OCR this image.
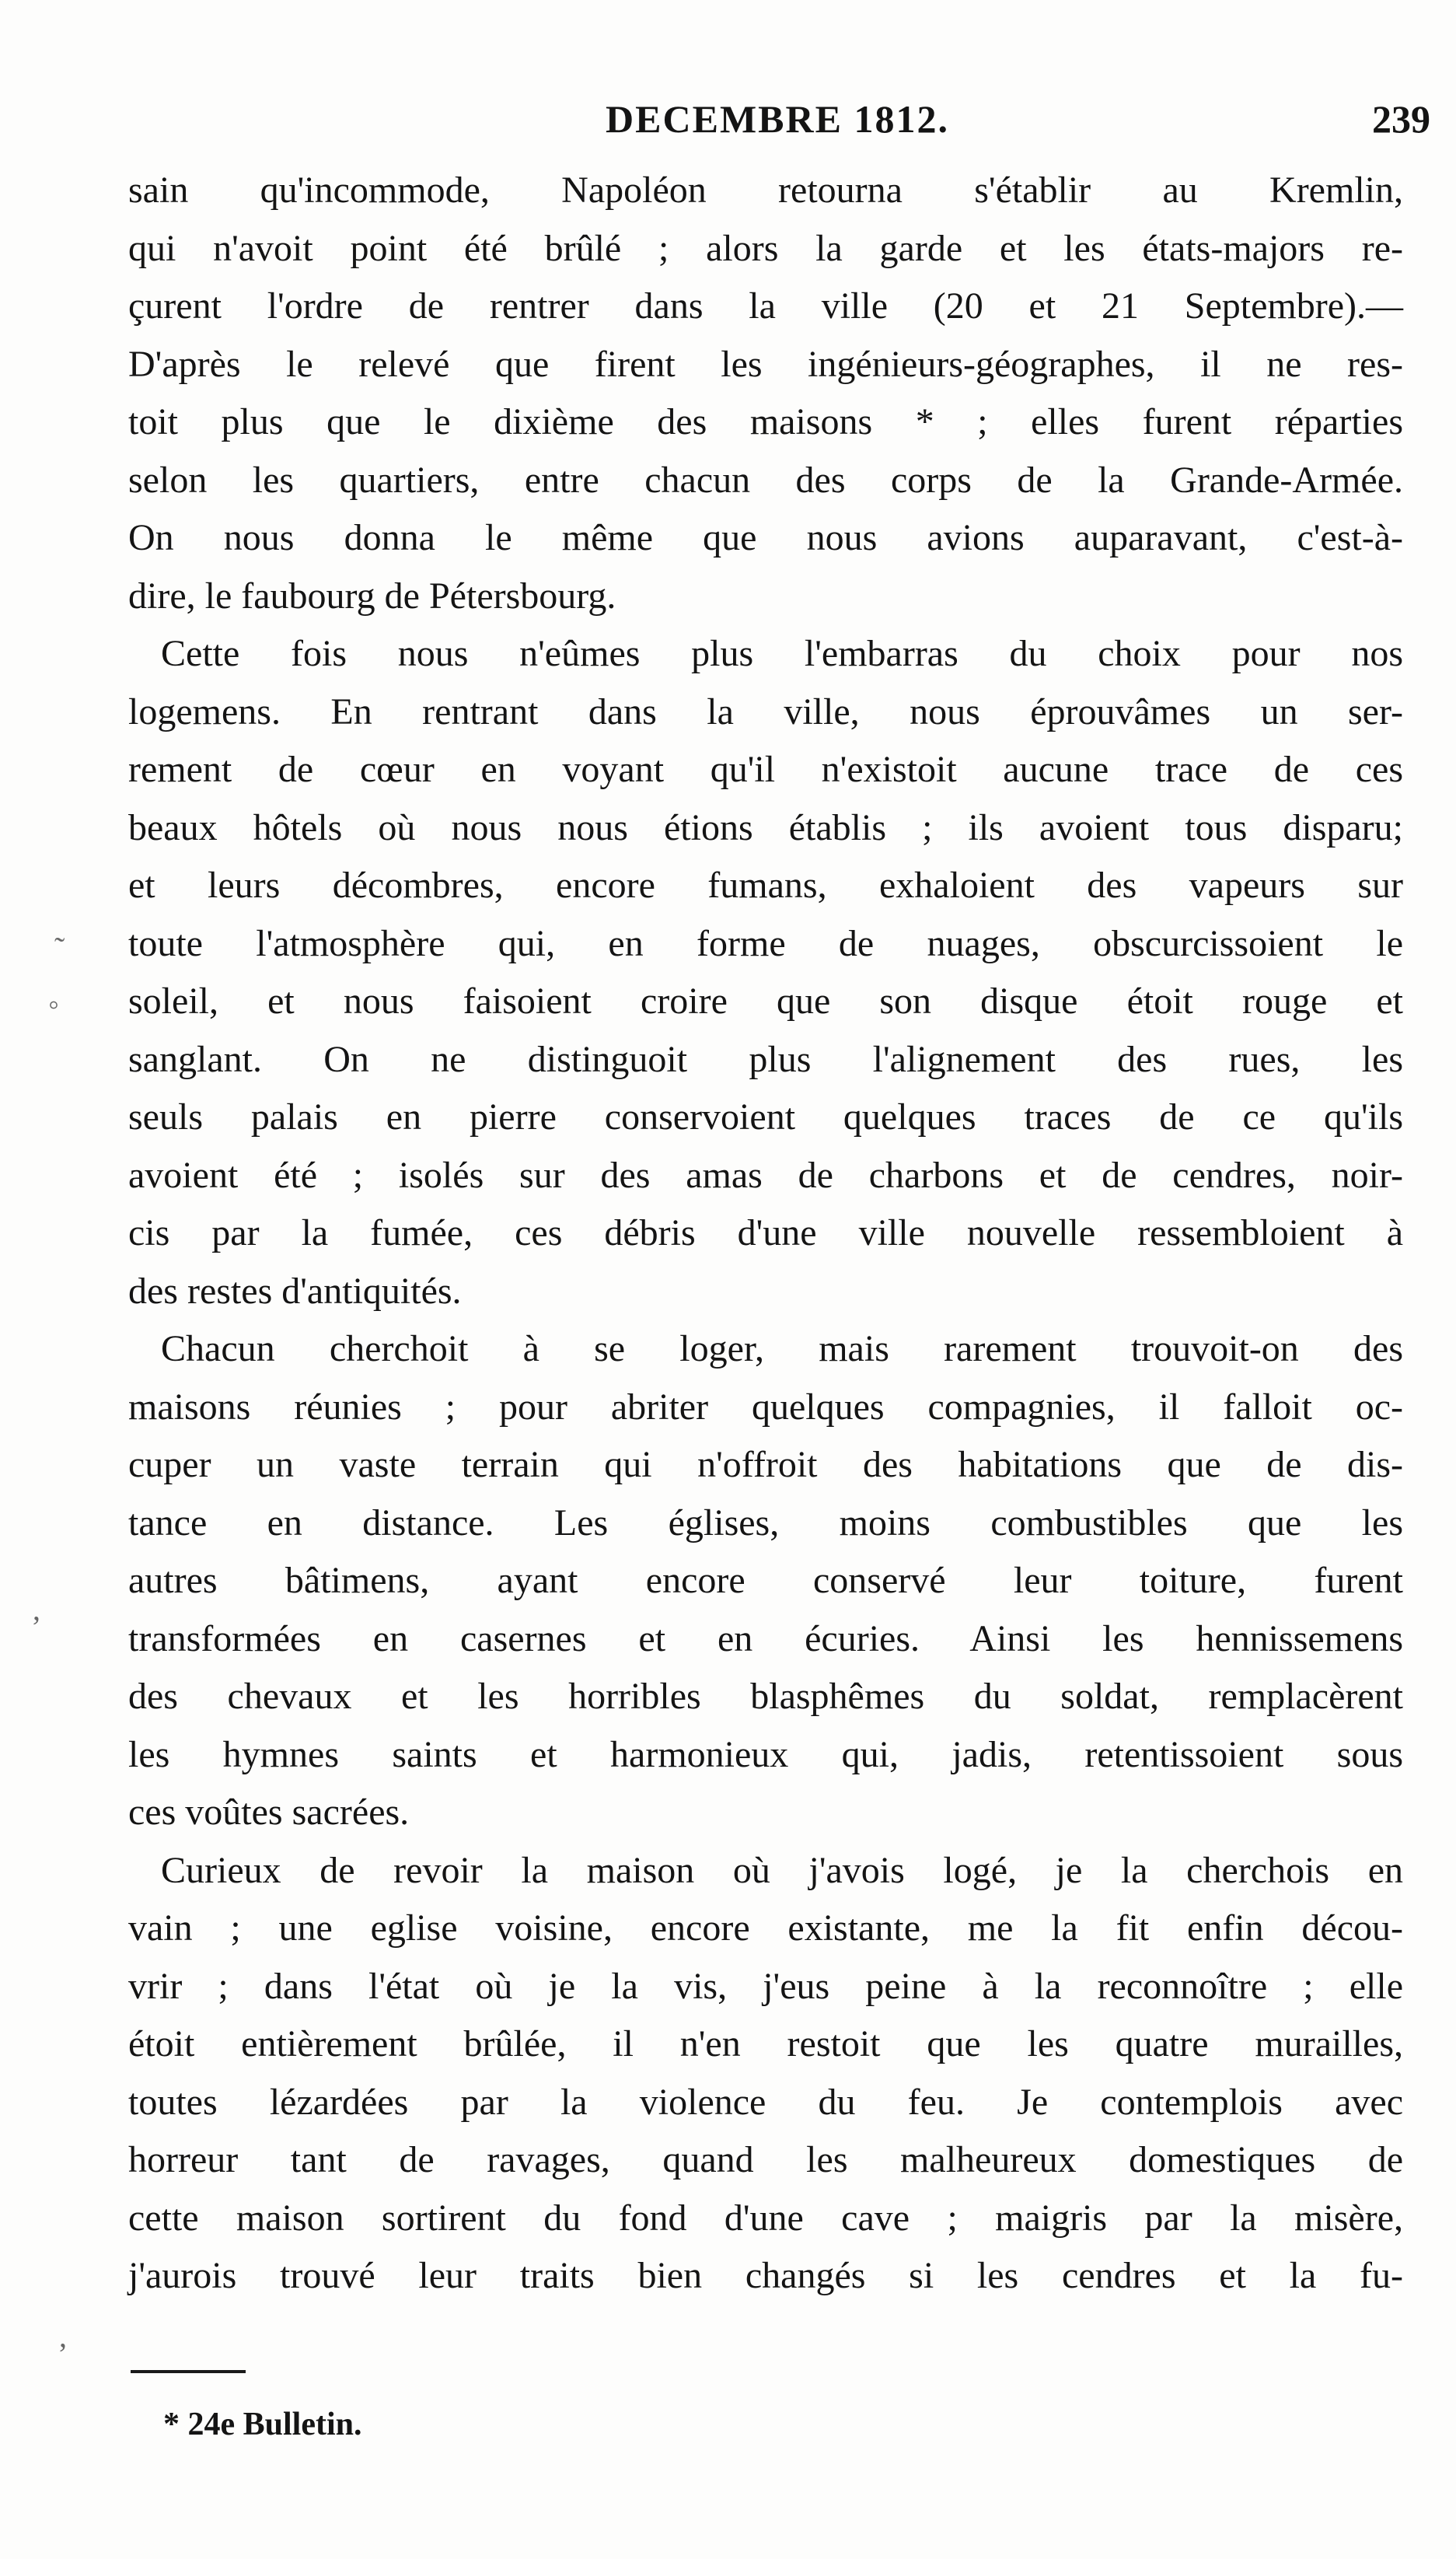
DECEMBRE 1812.	239
sain qu'incommode, Napoléon retourna s'établir au Kremlin,
qui n'avoit point été brûlé ; alors la garde et les états-majors re-
çurent l'ordre de rentrer dans la ville (20 et 21 Septembre).—
D'après le relevé que firent les ingénieurs-géographes, il ne res-
toit plus que le dixième des maisons * ; elles furent réparties
selon les quartiers, entre chacun des corps de la Grande-Armée.
On nous donna le même que nous avions auparavant, c'est-à-
dire, le faubourg de Pétersbourg.
Cette fois nous n'eûmes plus l'embarras du choix pour nos
logemens. En rentrant dans la ville, nous éprouvâmes un ser-
rement de cœur en voyant qu'il n'existoit aucune trace de ces
beaux hôtels où nous nous étions établis ; ils avoient tous disparu;
et leurs décombres, encore fumans, exhaloient des vapeurs sur
toute l'atmosphère qui, en forme de nuages, obscurcissoient le
soleil, et nous faisoient croire que son disque étoit rouge et
sanglant. On ne distinguoit plus l'alignement des rues, les
seuls palais en pierre conservoient quelques traces de ce qu'ils
avoient été ; isolés sur des amas de charbons et de cendres, noir-
cis par la fumée, ces débris d'une ville nouvelle ressembloient à
des restes d'antiquités.
Chacun cherchoit à se loger, mais rarement trouvoit-on des
maisons réunies ; pour abriter quelques compagnies, il falloit oc-
cuper un vaste terrain qui n'offroit des habitations que de dis-
tance en distance. Les églises, moins combustibles que les
autres bâtimens, ayant encore conservé leur toiture, furent
transformées en casernes et en écuries. Ainsi les hennissemens
des chevaux et les horribles blasphêmes du soldat, remplacèrent
les hymnes saints et harmonieux qui, jadis, retentissoient sous
ces voûtes sacrées.
Curieux de revoir la maison où j'avois logé, je la cherchois en
vain ; une eglise voisine, encore existante, me la fit enfin décou-
vrir ; dans l'état où je la vis, j'eus peine à la reconnoître ; elle
étoit entièrement brûlée, il n'en restoit que les quatre murailles,
toutes lézardées par la violence du feu. Je contemplois avec
horreur tant de ravages, quand les malheureux domestiques de
cette maison sortirent du fond d'une cave ; maigris par la misère,
j'aurois trouvé leur traits bien changés si les cendres et la fu-
* 24e Bulletin.
˜
◦
‚
,
